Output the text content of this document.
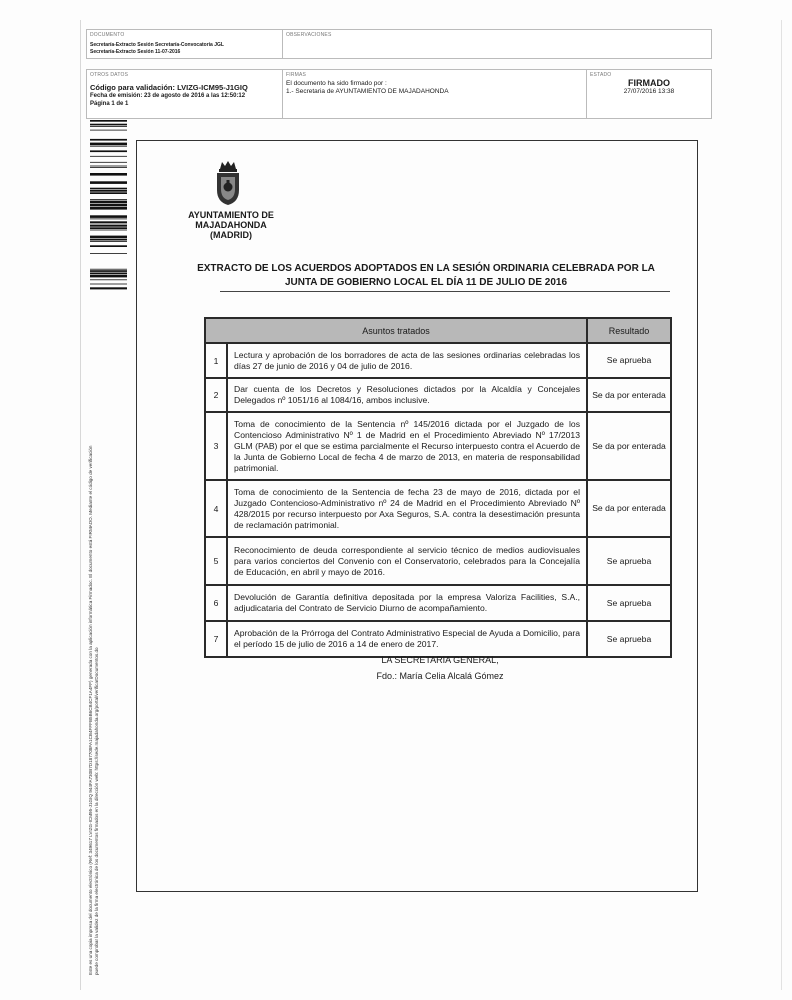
DOCUMENTO
Secretaría-Extracto Sesión Secretaría-Convocatoria JGL
Secretaría-Extracto Sesión 11-07-2016
OBSERVACIONES
OTROS DATOS
Código para validación: LVIZG-ICM95-J1GIQ
Fecha de emisión: 23 de agosto de 2016 a las 12:50:12
Página 1 de 1
FIRMAS
El documento ha sido firmado por :
1.- Secretaria de AYUNTAMIENTO DE MAJADAHONDA
ESTADO
FIRMADO
27/07/2016 13:38
Este es una copia impresa del documento electrónico (Ref: 349617 LVIZG-ICM95-J1GIQ 944FA730B7D187708FA1CB4FFFB5B6CB4CF1A4FF) generada con la aplicación informática Firmadoc. El documento está FIRMADO. Mediante el código de verificación puede comprobar la validez de la firma electrónica de los documentos firmados en la dirección web: https://sede.majadahonda.org/portal/verificarDocumentos.do
AYUNTAMIENTO DE
MAJADAHONDA
(MADRID)
EXTRACTO DE LOS ACUERDOS ADOPTADOS EN LA SESIÓN ORDINARIA CELEBRADA POR LA
JUNTA DE GOBIERNO LOCAL EL DÍA 11 DE JULIO DE 2016
Asuntos tratados		Resultado
1	Lectura y aprobación de los borradores de acta de las sesiones ordinarias celebradas los días 27 de junio de 2016 y 04 de julio de 2016.	Se aprueba
2	Dar cuenta de los Decretos y Resoluciones dictados por la Alcaldía y Concejales Delegados nº 1051/16 al 1084/16, ambos inclusive.	Se da por enterada
3	Toma de conocimiento de la Sentencia nº 145/2016 dictada por el Juzgado de los Contencioso Administrativo Nº 1 de Madrid en el Procedimiento Abreviado Nº 17/2013 GLM (PAB) por el que se estima parcialmente el Recurso interpuesto contra el Acuerdo de la Junta de Gobierno Local de fecha 4 de marzo de 2013, en materia de responsabilidad patrimonial.	Se da por enterada
4	Toma de conocimiento de la Sentencia de fecha 23 de mayo de 2016, dictada por el Juzgado Contencioso-Administrativo nº 24 de Madrid en el Procedimiento Abreviado Nº 428/2015 por recurso interpuesto por Axa Seguros, S.A. contra la desestimación presunta de reclamación patrimonial.	Se da por enterada
5	Reconocimiento de deuda correspondiente al servicio técnico de medios audiovisuales para varios conciertos del Convenio con el Conservatorio, celebrados para la Concejalía de Educación, en abril y mayo de 2016.	Se aprueba
6	Devolución de Garantía definitiva depositada por la empresa Valoriza Facilities, S.A., adjudicataria del Contrato de Servicio Diurno de acompañamiento.	Se aprueba
7	Aprobación de la Prórroga del Contrato Administrativo Especial de Ayuda a Domicilio, para el período 15 de julio de 2016 a 14 de enero de 2017.	Se aprueba
LA SECRETARIA GENERAL,
Fdo.: María Celia Alcalá Gómez
